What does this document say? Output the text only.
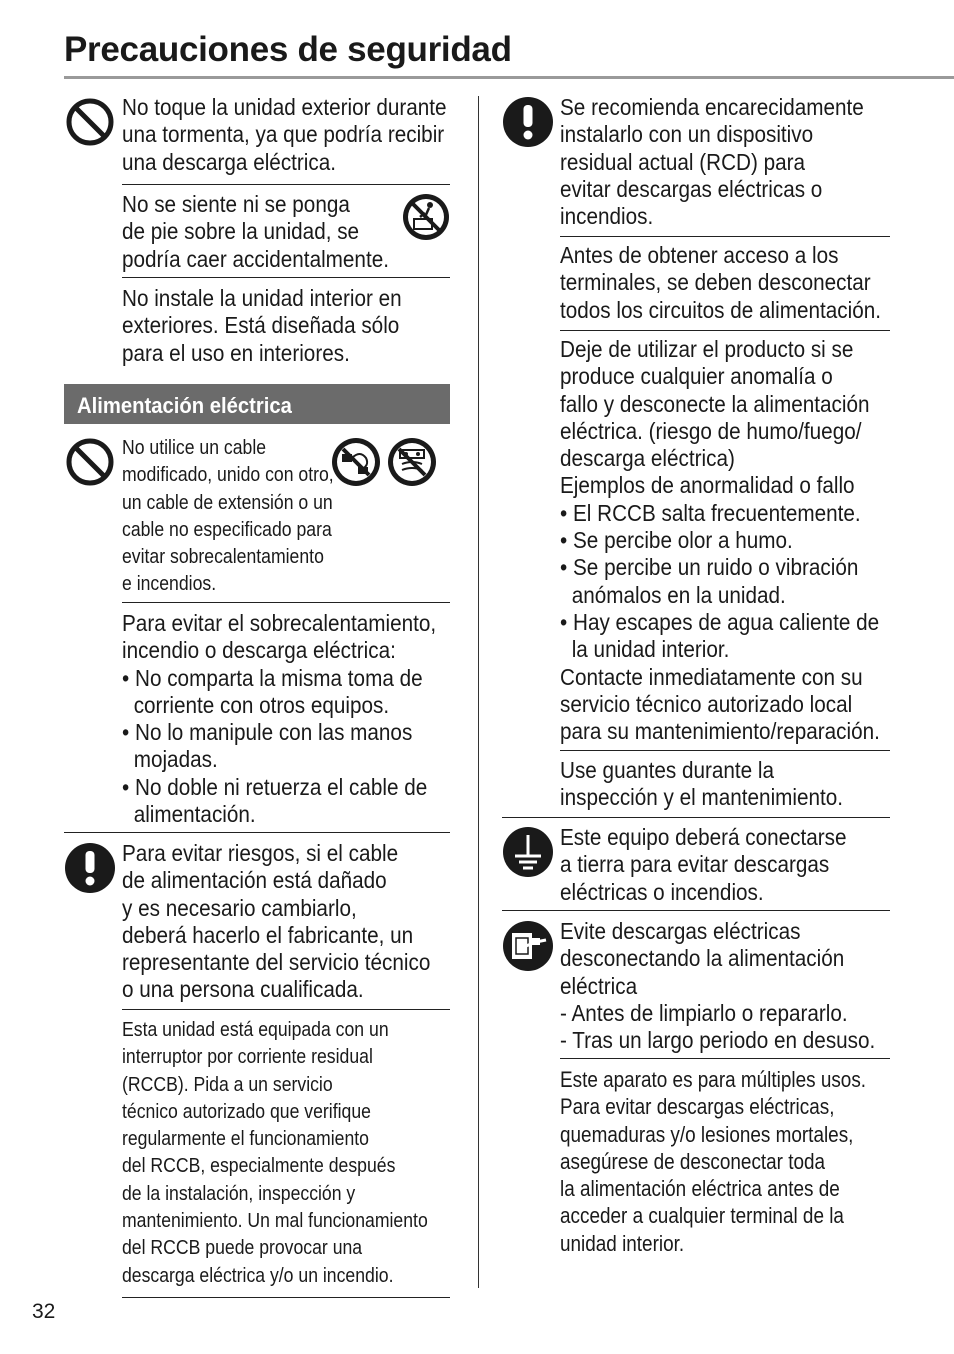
Precauciones de seguridad
No toque la unidad exterior durante
una tormenta, ya que podría recibir
una descarga eléctrica.
No se siente ni se ponga
de pie sobre la unidad, se
podría caer accidentalmente.
No instale la unidad interior en
exteriores. Está diseñada sólo
para el uso en interiores.
Alimentación eléctrica
No utilice un cable
modificado, unido con otro,
un cable de extensión o un
cable no especificado para
evitar sobrecalentamiento
e incendios.
Para evitar el sobrecalentamiento,
incendio o descarga eléctrica:
• No comparta la misma toma de
corriente con otros equipos.
• No lo manipule con las manos
mojadas.
• No doble ni retuerza el cable de
alimentación.
Para evitar riesgos, si el cable
de alimentación está dañado
y es necesario cambiarlo,
deberá hacerlo el fabricante, un
representante del servicio técnico
o una persona cualificada.
Esta unidad está equipada con un
interruptor por corriente residual
(RCCB). Pida a un servicio
técnico autorizado que verifique
regularmente el funcionamiento
del RCCB, especialmente después
de la instalación, inspección y
mantenimiento. Un mal funcionamiento
del RCCB puede provocar una
descarga eléctrica y/o un incendio.
Se recomienda encarecidamente
instalarlo con un dispositivo
residual actual (RCD) para
evitar descargas eléctricas o
incendios.
Antes de obtener acceso a los
terminales, se deben desconectar
todos los circuitos de alimentación.
Deje de utilizar el producto si se
produce cualquier anomalía o
fallo y desconecte la alimentación
eléctrica. (riesgo de humo/fuego/
descarga eléctrica)
Ejemplos de anormalidad o fallo
• El RCCB salta frecuentemente.
• Se percibe olor a humo.
• Se percibe un ruido o vibración
anómalos en la unidad.
• Hay escapes de agua caliente de
la unidad interior.
Contacte inmediatamente con su
servicio técnico autorizado local
para su mantenimiento/reparación.
Use guantes durante la
inspección y el mantenimiento.
Este equipo deberá conectarse
a tierra para evitar descargas
eléctricas o incendios.
Evite descargas eléctricas
desconectando la alimentación
eléctrica
- Antes de limpiarlo o repararlo.
- Tras un largo periodo en desuso.
Este aparato es para múltiples usos.
Para evitar descargas eléctricas,
quemaduras y/o lesiones mortales,
asegúrese de desconectar toda
la alimentación eléctrica antes de
acceder a cualquier terminal de la
unidad interior.
32
